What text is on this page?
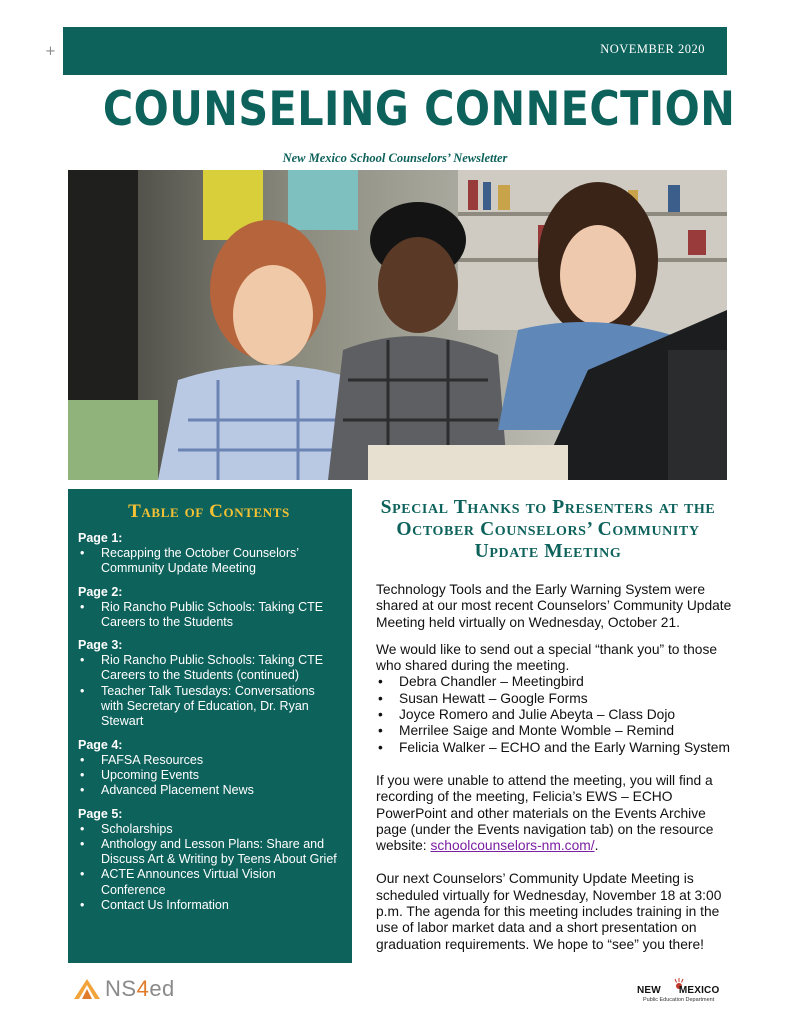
+	NOVEMBER 2020
COUNSELING CONNECTION
New Mexico School Counselors’ Newsletter
Table of Contents
Page 1:
• Recapping the October Counselors’ Community Update Meeting
Page 2:
• Rio Rancho Public Schools: Taking CTE Careers to the Students
Page 3:
• Rio Rancho Public Schools: Taking CTE Careers to the Students (continued)
• Teacher Talk Tuesdays: Conversations with Secretary of Education, Dr. Ryan Stewart
Page 4:
• FAFSA Resources
• Upcoming Events
• Advanced Placement News
Page 5:
• Scholarships
• Anthology and Lesson Plans: Share and Discuss Art & Writing by Teens About Grief
• ACTE Announces Virtual Vision Conference
• Contact Us Information
Special Thanks to Presenters at the October Counselors’ Community Update Meeting

Technology Tools and the Early Warning System were shared at our most recent Counselors’ Community Update Meeting held virtually on Wednesday, October 21.

We would like to send out a special “thank you” to those who shared during the meeting.

• Debra Chandler – Meetingbird
• Susan Hewatt – Google Forms
• Joyce Romero and Julie Abeyta – Class Dojo
• Merrilee Saige and Monte Womble – Remind
• Felicia Walker – ECHO and the Early Warning System

If you were unable to attend the meeting, you will find a recording of the meeting, Felicia’s EWS – ECHO PowerPoint and other materials on the Events Archive page (under the Events navigation tab) on the resource website: schoolcounselors-nm.com/.

Our next Counselors’ Community Update Meeting is scheduled virtually for Wednesday, November 18 at 3:00 p.m. The agenda for this meeting includes training in the use of labor market data and a short presentation on graduation requirements. We hope to “see” you there!

NS4ed	NEW MEXICO
Public Education Department
